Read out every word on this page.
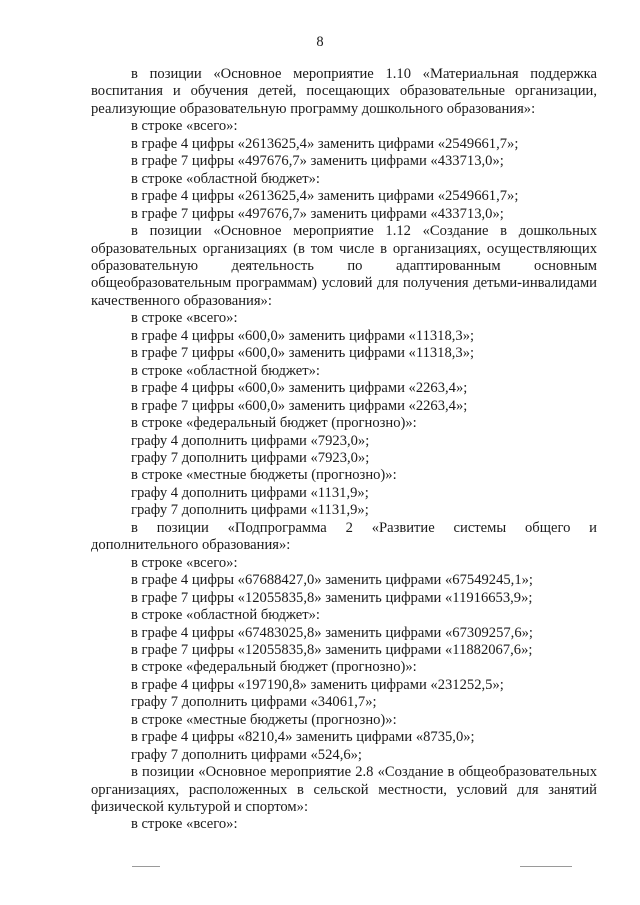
8

в позиции «Основное мероприятие 1.10 «Материальная поддержка воспитания и обучения детей, посещающих образовательные организации, реализующие образовательную программу дошкольного образования»:

в строке «всего»:

в графе 4 цифры «2613625,4» заменить цифрами «2549661,7»;

в графе 7 цифры «497676,7» заменить цифрами «433713,0»;

в строке «областной бюджет»:

в графе 4 цифры «2613625,4» заменить цифрами «2549661,7»;

в графе 7 цифры «497676,7» заменить цифрами «433713,0»;

в позиции «Основное мероприятие 1.12 «Создание в дошкольных образовательных организациях (в том числе в организациях, осуществляющих образовательную деятельность по адаптированным основным общеобразовательным программам) условий для получения детьми-инвалидами качественного образования»:

в строке «всего»:

в графе 4 цифры «600,0» заменить цифрами «11318,3»;

в графе 7 цифры «600,0» заменить цифрами «11318,3»;

в строке «областной бюджет»:

в графе 4 цифры «600,0» заменить цифрами «2263,4»;

в графе 7 цифры «600,0» заменить цифрами «2263,4»;

в строке «федеральный бюджет (прогнозно)»:

графу 4 дополнить цифрами «7923,0»;

графу 7 дополнить цифрами «7923,0»;

в строке «местные бюджеты (прогнозно)»:

графу 4 дополнить цифрами «1131,9»;

графу 7 дополнить цифрами «1131,9»;

в позиции «Подпрограмма 2 «Развитие системы общего и дополнительного образования»:

в строке «всего»:

в графе 4 цифры «67688427,0» заменить цифрами «67549245,1»;

в графе 7 цифры «12055835,8» заменить цифрами «11916653,9»;

в строке «областной бюджет»:

в графе 4 цифры «67483025,8» заменить цифрами «67309257,6»;

в графе 7 цифры «12055835,8» заменить цифрами «11882067,6»;

в строке «федеральный бюджет (прогнозно)»:

в графе 4 цифры «197190,8» заменить цифрами «231252,5»;

графу 7 дополнить цифрами «34061,7»;

в строке «местные бюджеты (прогнозно)»:

в графе 4 цифры «8210,4» заменить цифрами «8735,0»;

графу 7 дополнить цифрами «524,6»;

в позиции «Основное мероприятие 2.8 «Создание в общеобразовательных организациях, расположенных в сельской местности, условий для занятий физической культурой и спортом»:

в строке «всего»:
